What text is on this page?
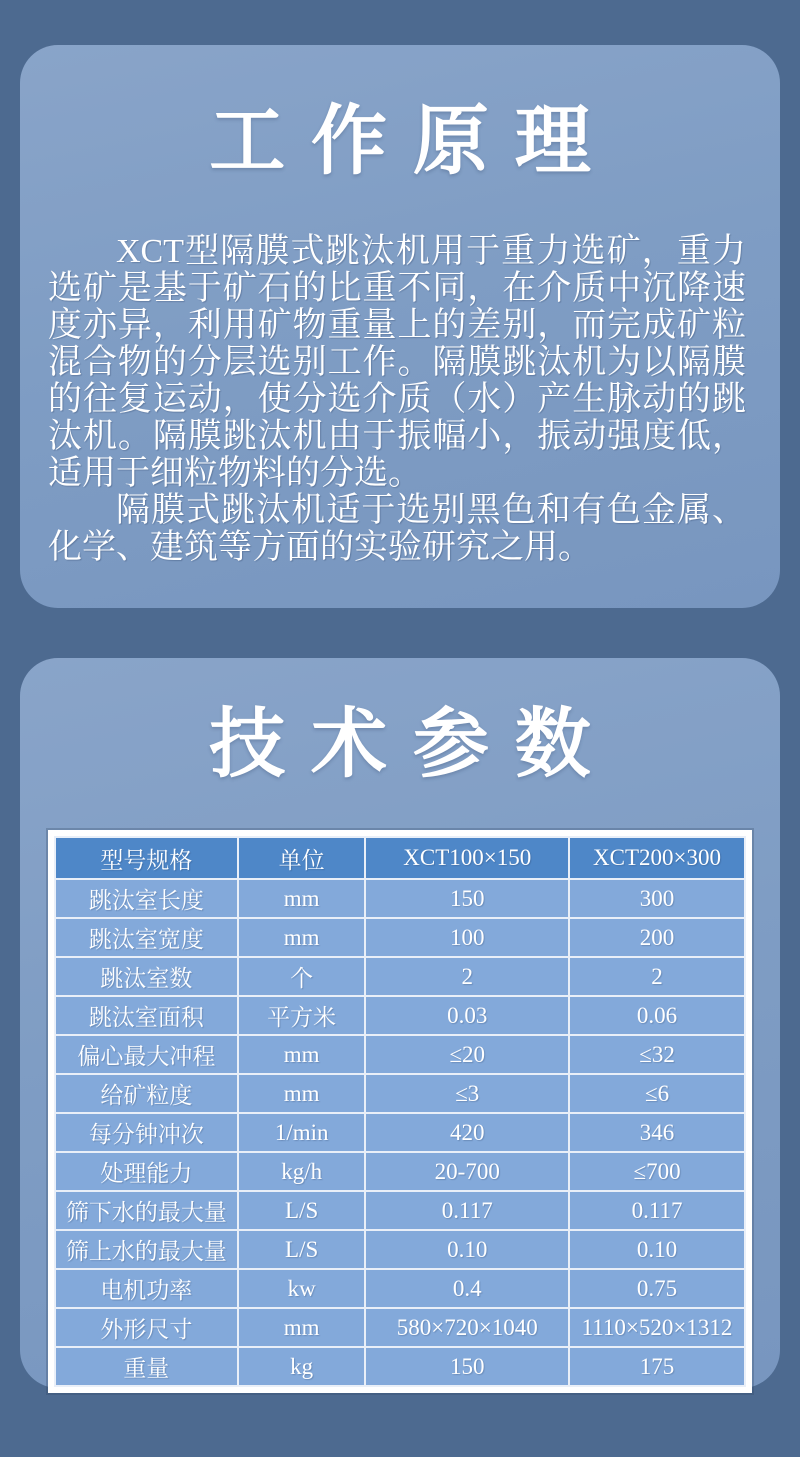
工作原理

XCT型隔膜式跳汰机用于重力选矿，重力选矿是基于矿石的比重不同，在介质中沉降速度亦异，利用矿物重量上的差别，而完成矿粒混合物的分层选别工作。隔膜跳汰机为以隔膜的往复运动，使分选介质（水）产生脉动的跳汰机。隔膜跳汰机由于振幅小，振动强度低，适用于细粒物料的分选。

隔膜式跳汰机适于选别黑色和有色金属、化学、建筑等方面的实验研究之用。

技术参数
型号规格	单位	XCT100×150	XCT200×300
跳汰室长度	mm	150	300
跳汰室宽度	mm	100	200
跳汰室数	个	2	2
跳汰室面积	平方米	0.03	0.06
偏心最大冲程	mm	≤20	≤32
给矿粒度	mm	≤3	≤6
每分钟冲次	1/min	420	346
处理能力	kg/h	20-700	≤700
筛下水的最大量	L/S	0.117	0.117
筛上水的最大量	L/S	0.10	0.10
电机功率	kw	0.4	0.75
外形尺寸	mm	580×720×1040	1110×520×1312
重量	kg	150	175
